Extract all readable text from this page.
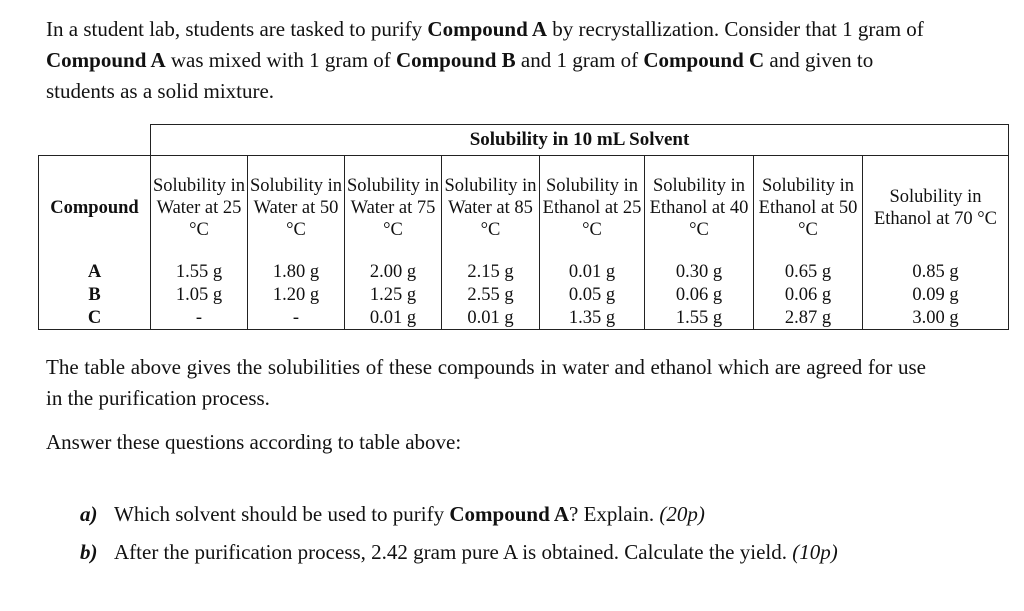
In a student lab, students are tasked to purify Compound A by recrystallization. Consider that 1 gram of Compound A was mixed with 1 gram of Compound B and 1 gram of Compound C and given to students as a solid mixture.

	Solubility in 10 mL Solvent							
Compound	Solubility in Water at 25 °C	Solubility in Water at 50 °C	Solubility in Water at 75 °C	Solubility in Water at 85 °C	Solubility in Ethanol at 25 °C	Solubility in Ethanol at 40 °C	Solubility in Ethanol at 50 °C	Solubility in Ethanol at 70 °C
A	1.55 g	1.80 g	2.00 g	2.15 g	0.01 g	0.30 g	0.65 g	0.85 g
B	1.05 g	1.20 g	1.25 g	2.55 g	0.05 g	0.06 g	0.06 g	0.09 g
C	-	-	0.01 g	0.01 g	1.35 g	1.55 g	2.87 g	3.00 g

The table above gives the solubilities of these compounds in water and ethanol which are agreed for use in the purification process.

Answer these questions according to table above:

a) Which solvent should be used to purify Compound A? Explain. (20p)

b) After the purification process, 2.42 gram pure A is obtained. Calculate the yield. (10p)
